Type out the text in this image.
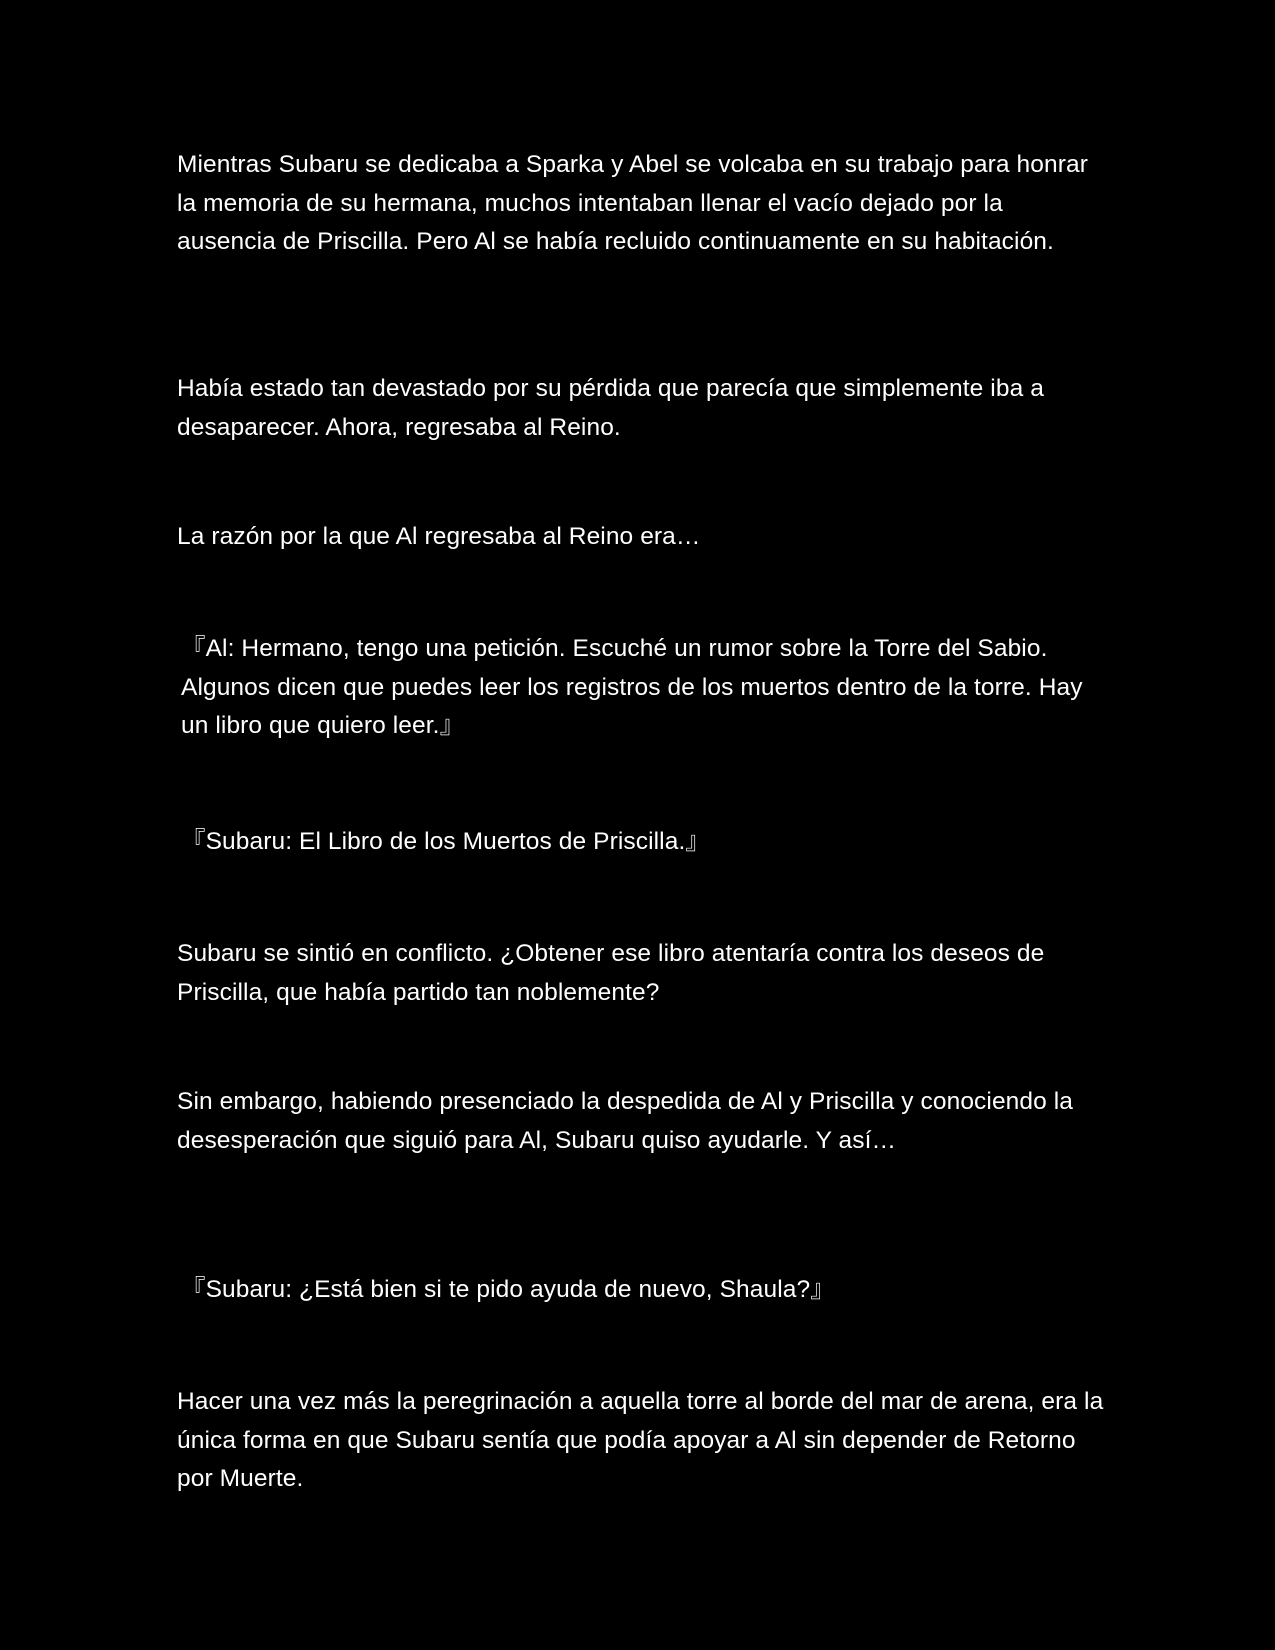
Mientras Subaru se dedicaba a Sparka y Abel se volcaba en su trabajo para honrar la memoria de su hermana, muchos intentaban llenar el vacío dejado por la ausencia de Priscilla. Pero Al se había recluido continuamente en su habitación.

Había estado tan devastado por su pérdida que parecía que simplemente iba a desaparecer. Ahora, regresaba al Reino.

La razón por la que Al regresaba al Reino era…

『Al: Hermano, tengo una petición. Escuché un rumor sobre la Torre del Sabio. Algunos dicen que puedes leer los registros de los muertos dentro de la torre. Hay un libro que quiero leer.』

『Subaru: El Libro de los Muertos de Priscilla.』

Subaru se sintió en conflicto. ¿Obtener ese libro atentaría contra los deseos de Priscilla, que había partido tan noblemente?

Sin embargo, habiendo presenciado la despedida de Al y Priscilla y conociendo la desesperación que siguió para Al, Subaru quiso ayudarle. Y así…

『Subaru: ¿Está bien si te pido ayuda de nuevo, Shaula?』

Hacer una vez más la peregrinación a aquella torre al borde del mar de arena, era la única forma en que Subaru sentía que podía apoyar a Al sin depender de Retorno por Muerte.
